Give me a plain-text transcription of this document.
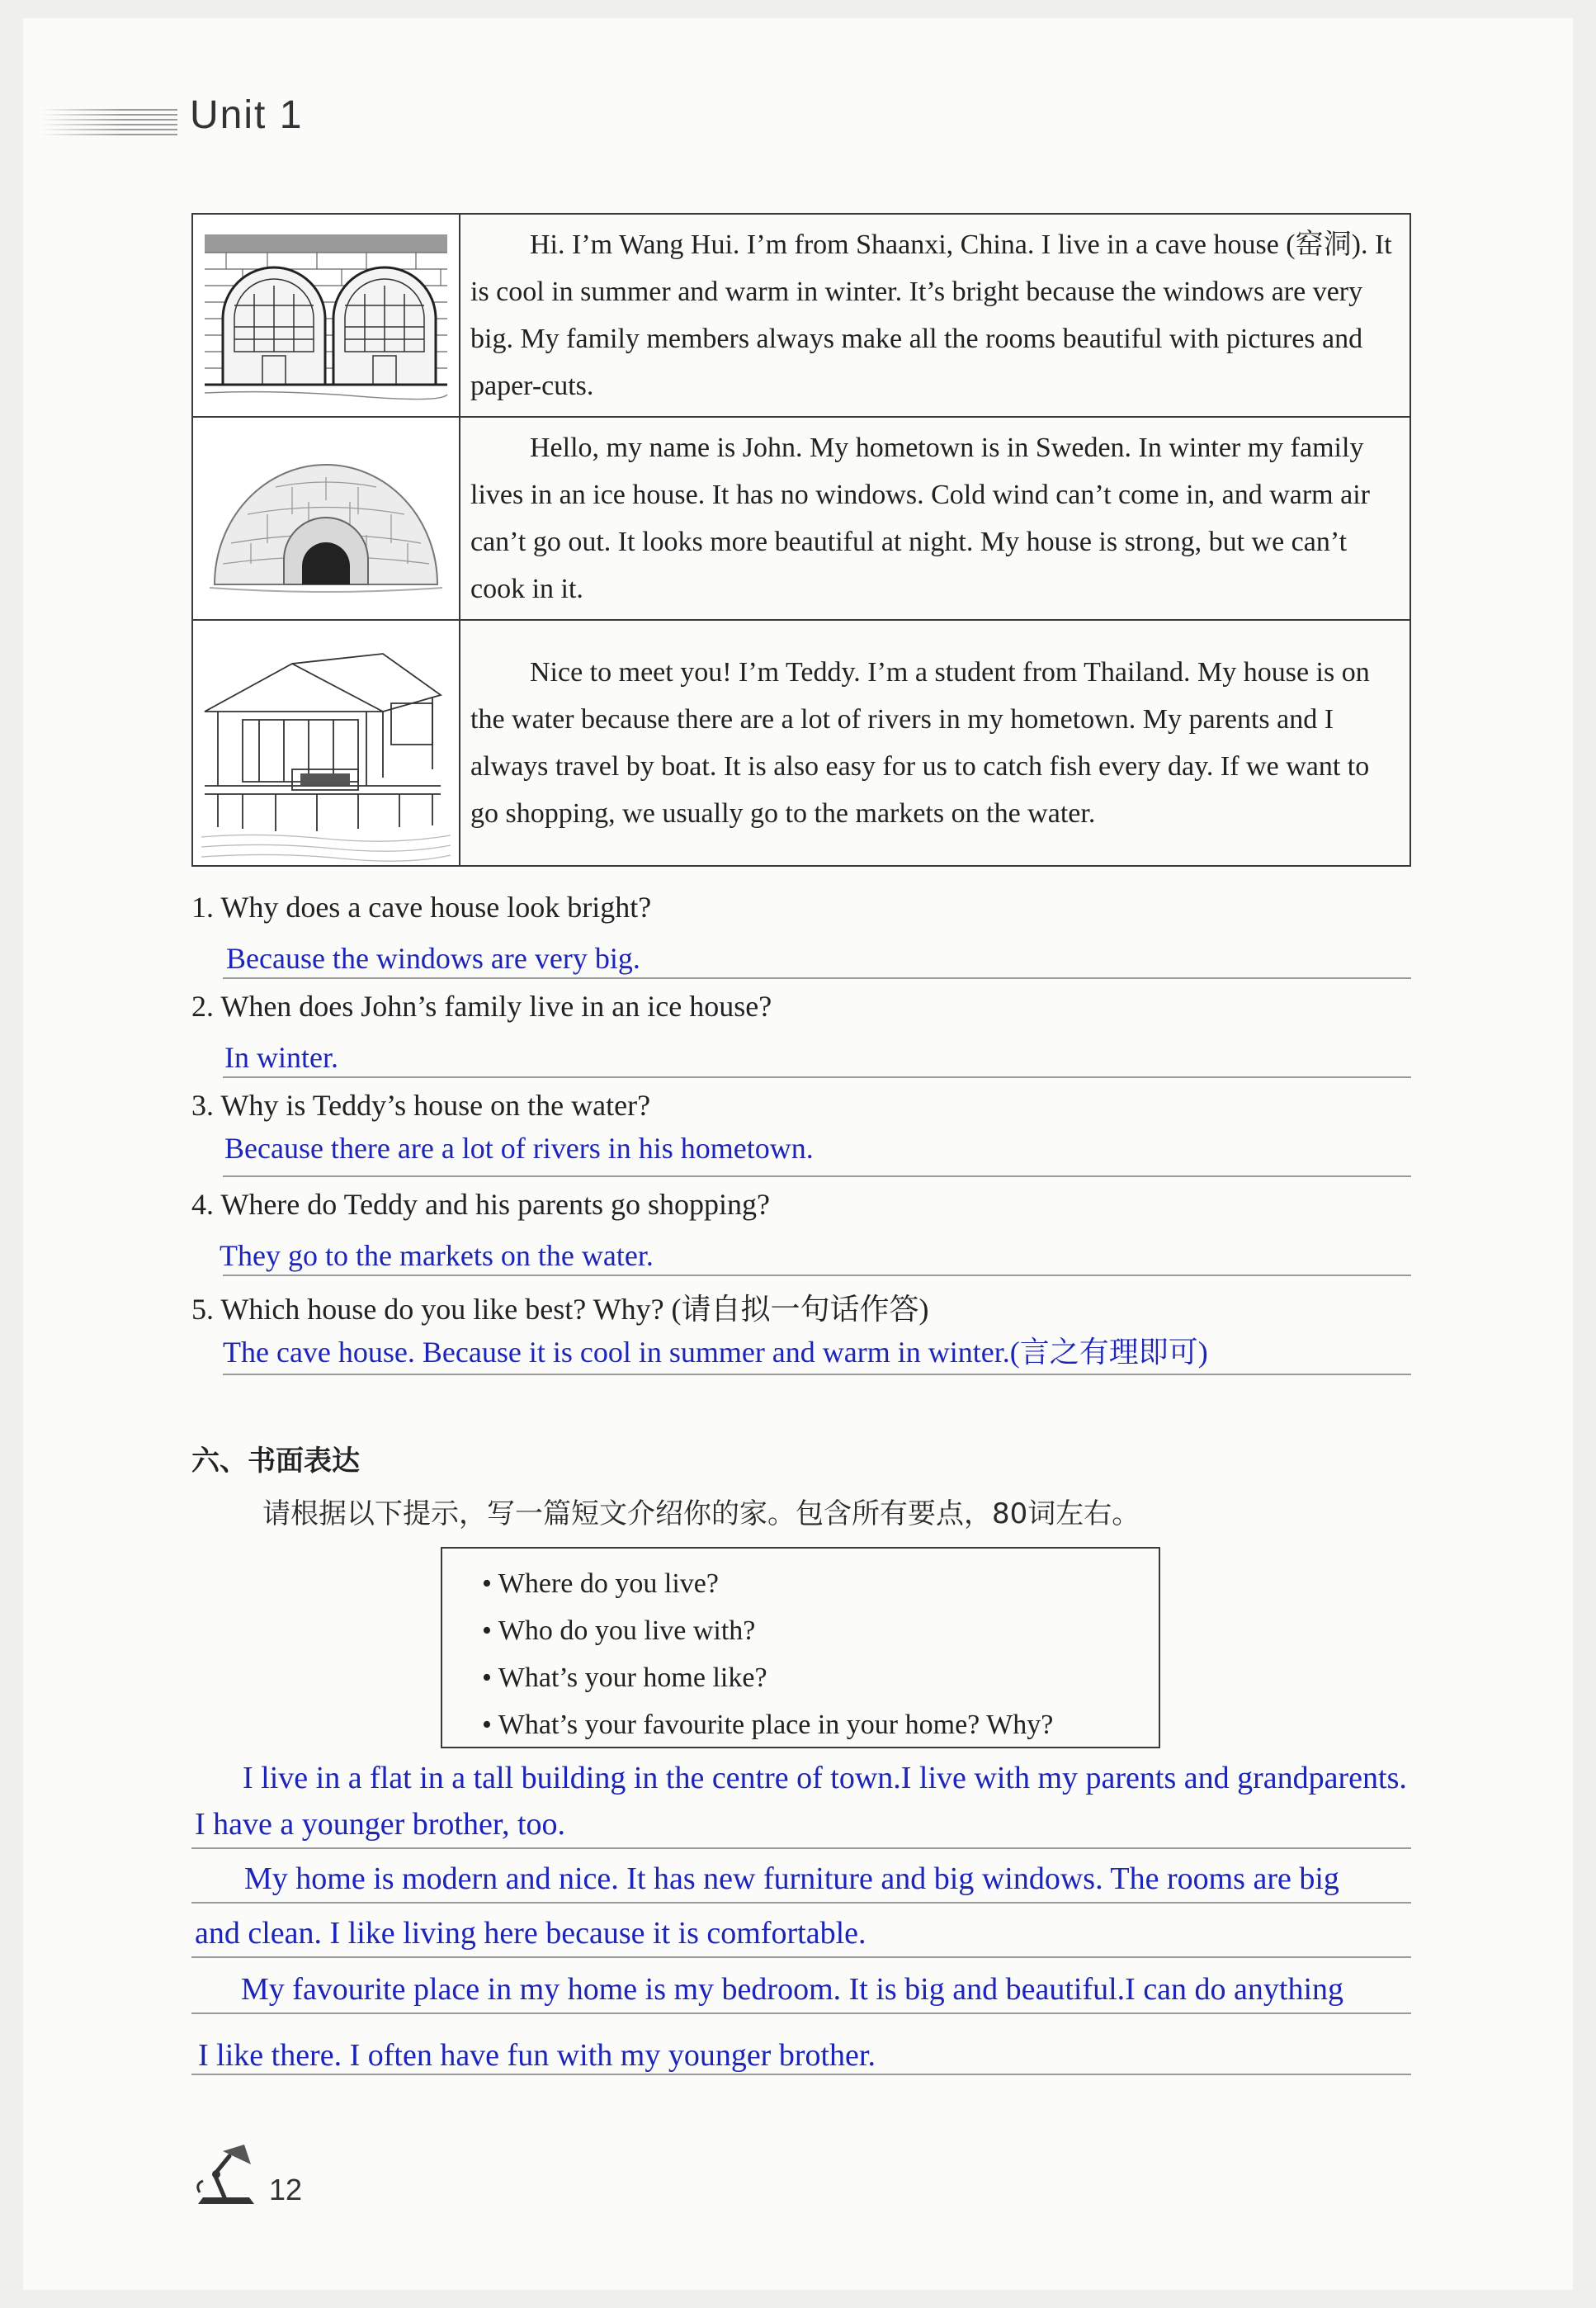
Unit 1
	Hi. I’m Wang Hui. I’m from Shaanxi, China. I live in a cave house (窑洞). It is cool in summer and warm in winter. It’s bright because the windows are very big. My family members always make all the rooms beautiful with pictures and paper-cuts.

	Hello, my name is John. My hometown is in Sweden. In winter my family lives in an ice house. It has no windows. Cold wind can’t come in, and warm air can’t go out. It looks more beautiful at night. My house is strong, but we can’t cook in it.

	Nice to meet you! I’m Teddy. I’m a student from Thailand. My house is on the water because there are a lot of rivers in my hometown. My parents and I always travel by boat. It is also easy for us to catch fish every day. If we want to go shopping, we usually go to the markets on the water.
1. Why does a cave house look bright?
Because the windows are very big.
2. When does John’s family live in an ice house?
In winter.
3. Why is Teddy’s house on the water?
Because there are a lot of rivers in his hometown.
4. Where do Teddy and his parents go shopping?
They go to the markets on the water.
5. Which house do you like best? Why? (请自拟一句话作答)
The cave house. Because it is cool in summer and warm in winter.(言之有理即可)
六、书面表达
请根据以下提示，写一篇短文介绍你的家。包含所有要点，80词左右。
• Where do you live?
• Who do you live with?
• What’s your home like?
• What’s your favourite place in your home? Why?
I live in a flat in a tall building in the centre of town.I live with my parents and grandparents.
I have a younger brother, too.
My home is modern and nice. It has new furniture and big windows. The rooms are big
and clean. I like living here because it is comfortable.
My favourite place in my home is my bedroom. It is big and beautiful.I can do anything
I like there. I often have fun with my younger brother.
12
